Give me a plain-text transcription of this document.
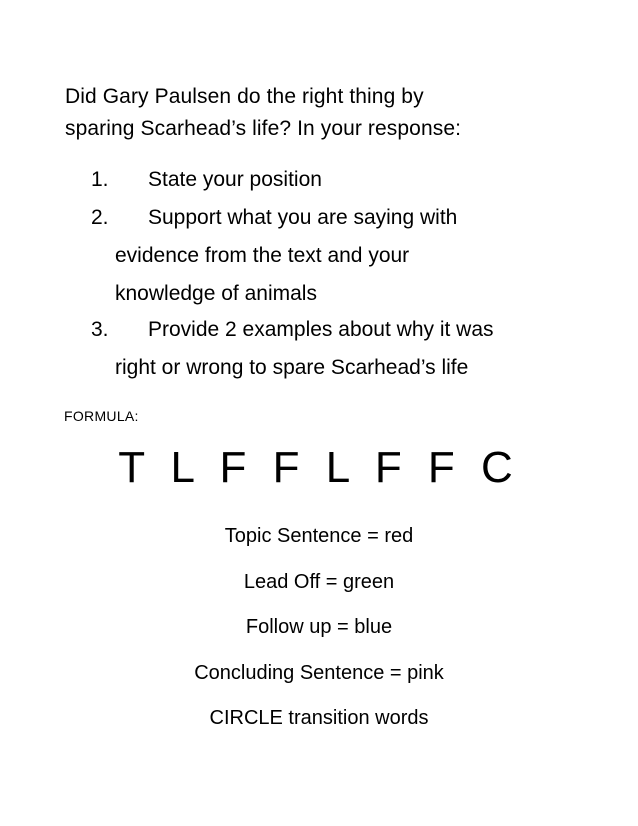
Did Gary Paulsen do the right thing by
sparing Scarhead’s life? In your response:

1.	State your position
2.	Support what you are saying with
evidence from the text and your
knowledge of animals
3.	Provide 2 examples about why it was
right or wrong to spare Scarhead’s life

FORMULA:

T L F F L F F C

Topic Sentence = red
Lead Off = green
Follow up = blue
Concluding Sentence = pink
CIRCLE transition words
